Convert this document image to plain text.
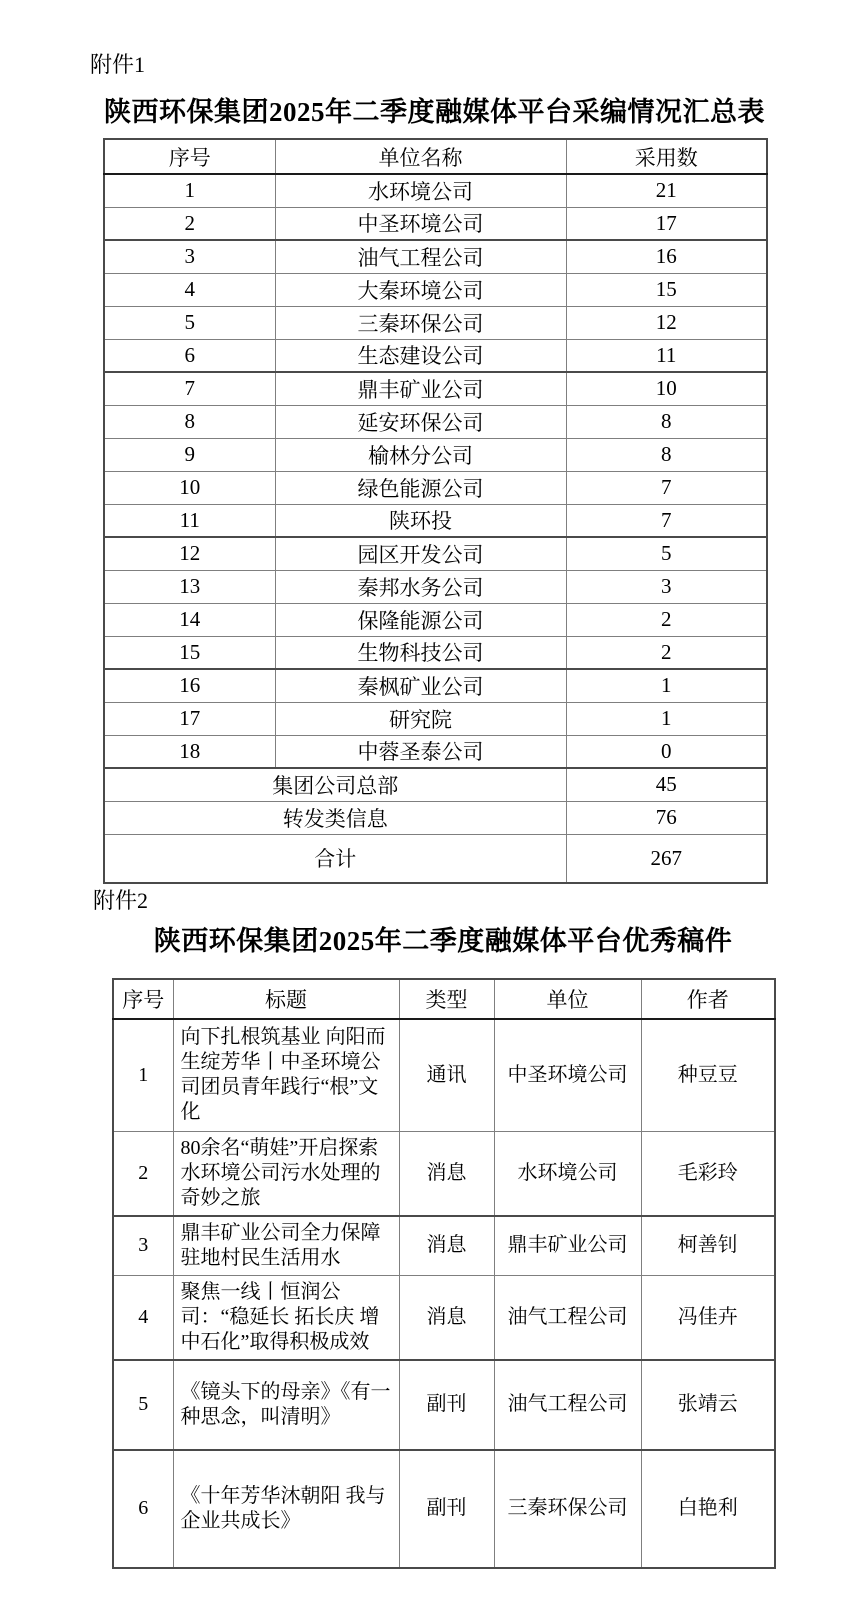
附件1
陕西环保集团2025年二季度融媒体平台采编情况汇总表
序号	单位名称	采用数
1	水环境公司	21
2	中圣环境公司	17
3	油气工程公司	16
4	大秦环境公司	15
5	三秦环保公司	12
6	生态建设公司	11
7	鼎丰矿业公司	10
8	延安环保公司	8
9	榆林分公司	8
10	绿色能源公司	7
11	陕环投	7
12	园区开发公司	5
13	秦邦水务公司	3
14	保隆能源公司	2
15	生物科技公司	2
16	秦枫矿业公司	1
17	研究院	1
18	中蓉圣泰公司	0
集团公司总部		45
转发类信息		76
合计		267
附件2
陕西环保集团2025年二季度融媒体平台优秀稿件
序号	标题	类型	单位	作者
1	向下扎根筑基业 向阳而生绽芳华丨中圣环境公司团员青年践行“根”文化	通讯	中圣环境公司	种豆豆
2	80余名“萌娃”开启探索水环境公司污水处理的奇妙之旅	消息	水环境公司	毛彩玲
3	鼎丰矿业公司全力保障驻地村民生活用水	消息	鼎丰矿业公司	柯善钊
4	聚焦一线丨恒润公司：“稳延长 拓长庆 增中石化”取得积极成效	消息	油气工程公司	冯佳卉
5	《镜头下的母亲》《有一种思念，叫清明》	副刊	油气工程公司	张靖云
6	《十年芳华沐朝阳 我与企业共成长》	副刊	三秦环保公司	白艳利
